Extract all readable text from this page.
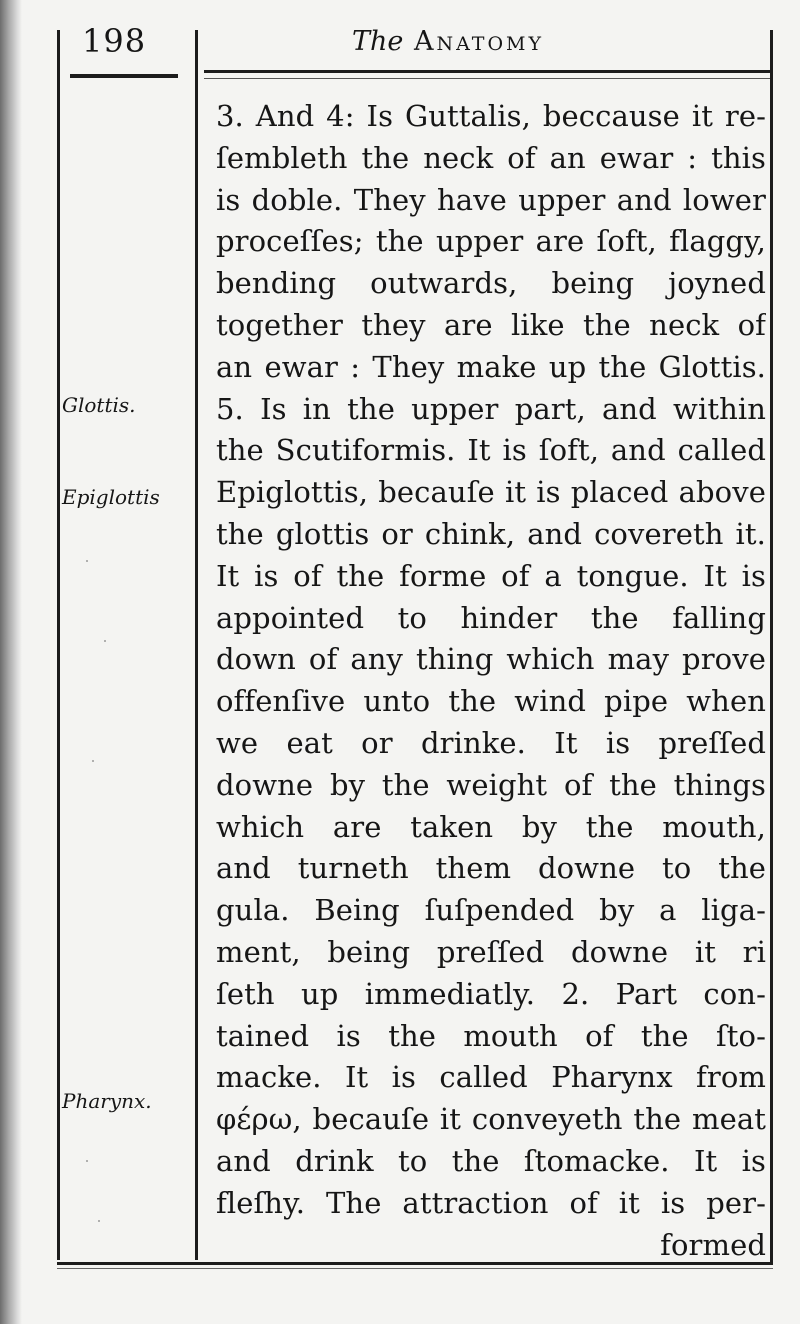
198	The Anatomy
Glottis.
Epiglottis
Pharynx.
3. And 4: Is Guttalis, beccause it re-
ſembleth the neck of an ewar : this
is doble. They have upper and lower
proceſſes; the upper are ſoft, flaggy,
bending outwards, being joyned
together they are like the neck of
an ewar : They make up the Glottis.
5. Is in the upper part, and within
the Scutiformis. It is ſoft, and called
Epiglottis, becauſe it is placed above
the glottis or chink, and covereth it.
It is of the forme of a tongue. It is
appointed to hinder the falling
down of any thing which may prove
offenſive unto the wind pipe when
we eat or drinke. It is preſſed
downe by the weight of the things
which are taken by the mouth,
and turneth them downe to the
gula. Being ſuſpended by a liga-
ment, being preſſed downe it ri
ſeth up immediatly. 2. Part con-
tained is the mouth of the ſto-
macke. It is called Pharynx from
φέρω, becauſe it conveyeth the meat
and drink to the ſtomacke. It is
fleſhy. The attraction of it is per-
formed
